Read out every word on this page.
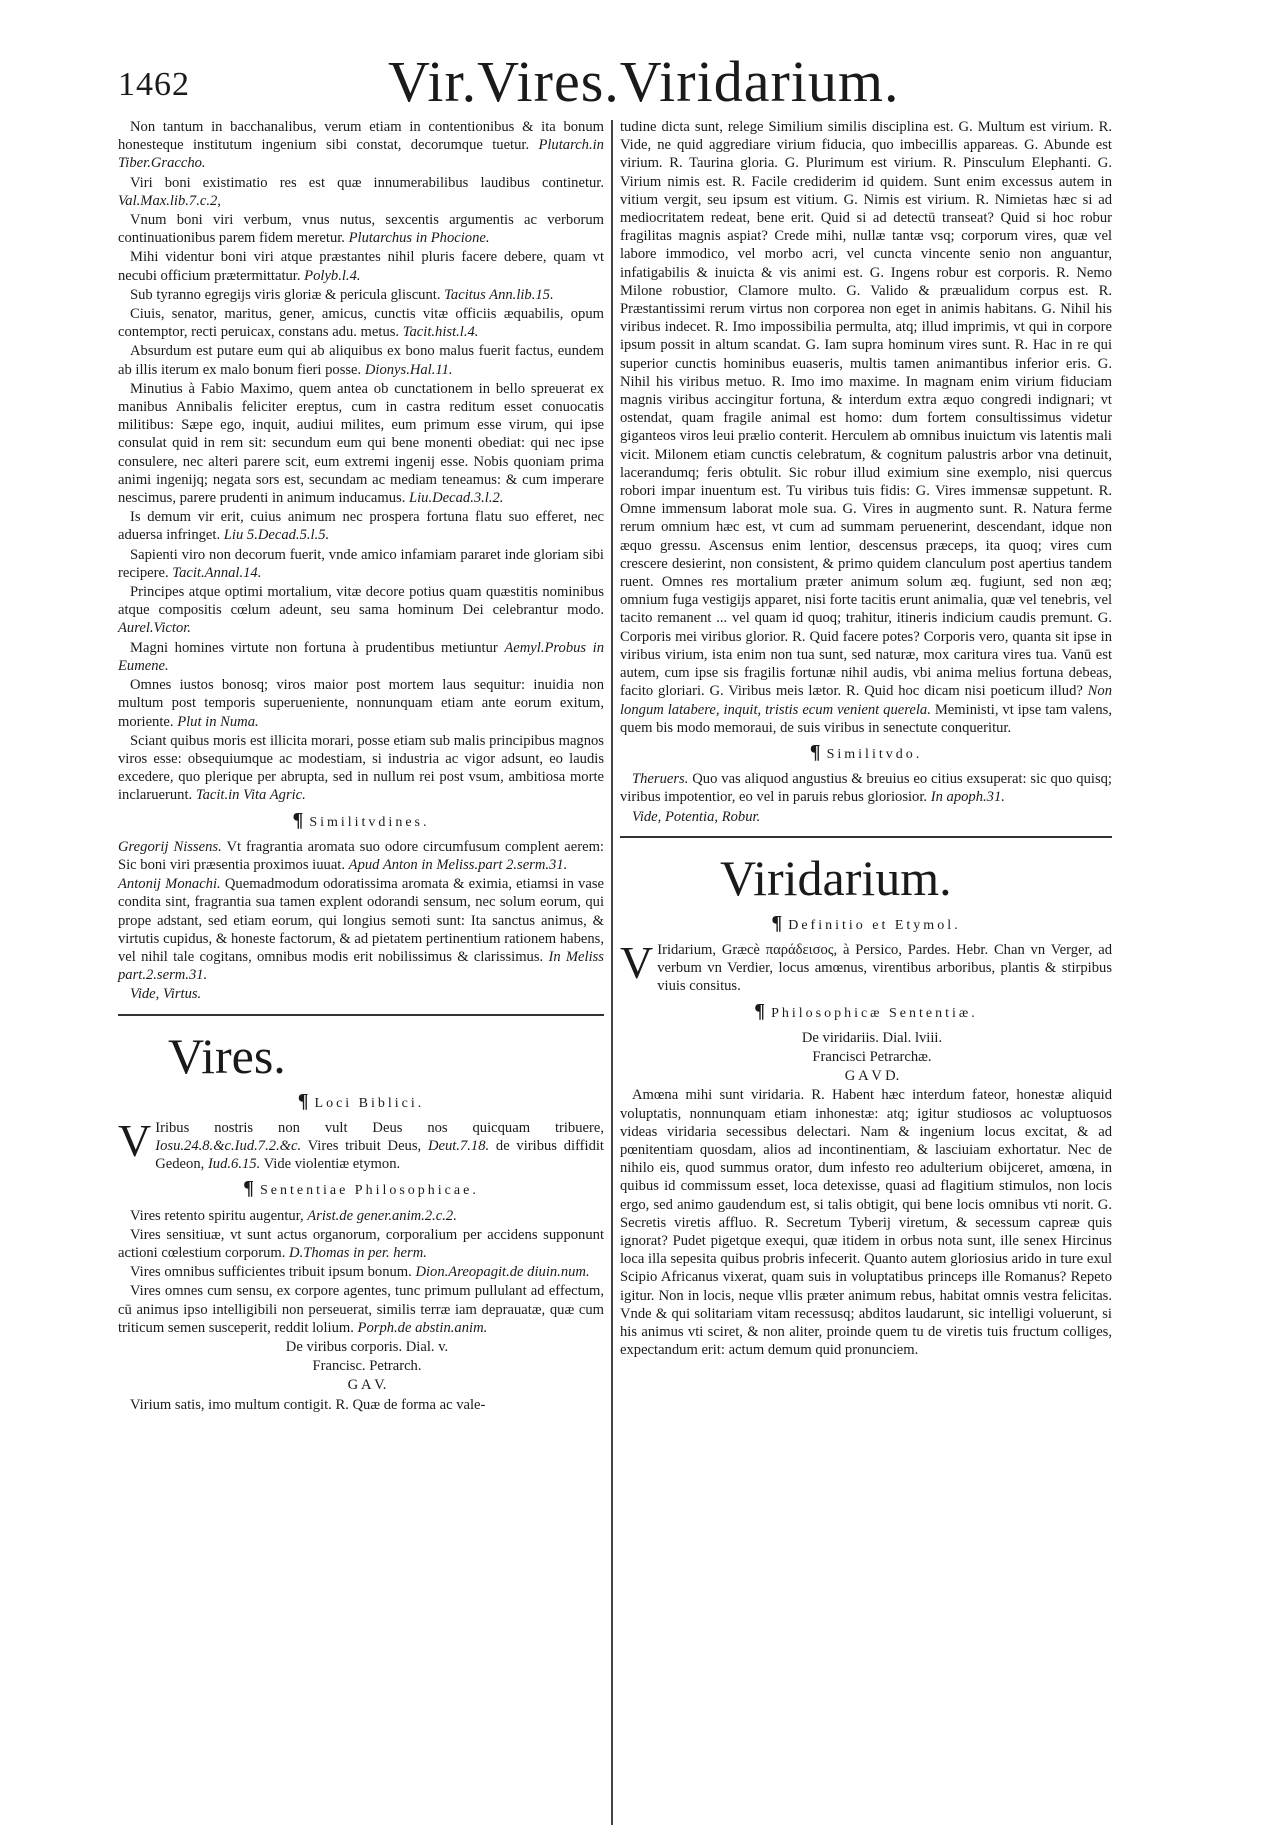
1462	Vir.Vires.Viridarium.

Non tantum in bacchanalibus, verum etiam in contentionibus & ita bonum honesteque institutum ingenium sibi constat, decorumque tuetur. Plutarch.in Tiber.Graccho.

Viri boni existimatio res est quæ innumerabilibus laudibus continetur. Val.Max.lib.7.c.2,

Vnum boni viri verbum, vnus nutus, sexcentis argumentis ac verborum continuationibus parem fidem meretur. Plutarchus in Phocione.

Mihi videntur boni viri atque præstantes nihil pluris facere debere, quam vt necubi officium prætermittatur. Polyb.l.4.

Sub tyranno egregijs viris gloriæ & pericula gliscunt. Tacitus Ann.lib.15.

Ciuis, senator, maritus, gener, amicus, cunctis vitæ officiis æquabilis, opum contemptor, recti peruicax, constans adu. metus. Tacit.hist.l.4.

Absurdum est putare eum qui ab aliquibus ex bono malus fuerit factus, eundem ab illis iterum ex malo bonum fieri posse. Dionys.Hal.11.

Minutius à Fabio Maximo, quem antea ob cunctationem in bello spreuerat ex manibus Annibalis feliciter ereptus, cum in castra reditum esset conuocatis militibus: Sæpe ego, inquit, audiui milites, eum primum esse virum, qui ipse consulat quid in rem sit: secundum eum qui bene monenti obediat: qui nec ipse consulere, nec alteri parere scit, eum extremi ingenij esse. Nobis quoniam prima animi ingenijq; negata sors est, secundam ac mediam teneamus: & cum imperare nescimus, parere prudenti in animum inducamus. Liu.Decad.3.l.2.

Is demum vir erit, cuius animum nec prospera fortuna flatu suo efferet, nec aduersa infringet. Liu 5.Decad.5.l.5.

Sapienti viro non decorum fuerit, vnde amico infamiam pararet inde gloriam sibi recipere. Tacit.Annal.14.

Principes atque optimi mortalium, vitæ decore potius quam quæstitis nominibus atque compositis cœlum adeunt, seu sama hominum Dei celebrantur modo. Aurel.Victor.

Magni homines virtute non fortuna à prudentibus metiuntur Aemyl.Probus in Eumene.

Omnes iustos bonosq; viros maior post mortem laus sequitur: inuidia non multum post temporis superueniente, nonnunquam etiam ante eorum exitum, moriente. Plut in Numa.

Sciant quibus moris est illicita morari, posse etiam sub malis principibus magnos viros esse: obsequiumque ac modestiam, si industria ac vigor adsunt, eo laudis excedere, quo plerique per abrupta, sed in nullum rei post vsum, ambitiosa morte inclaruerunt. Tacit.in Vita Agric.

¶ Similitvdines.

Gregorij Nissens. Vt fragrantia aromata suo odore circumfusum complent aerem: Sic boni viri præsentia proximos iuuat. Apud Anton in Meliss.part 2.serm.31.

Antonij Monachi. Quemadmodum odoratissima aromata & eximia, etiamsi in vase condita sint, fragrantia sua tamen explent odorandi sensum, nec solum eorum, qui prope adstant, sed etiam eorum, qui longius semoti sunt: Ita sanctus animus, & virtutis cupidus, & honeste factorum, & ad pietatem pertinentium rationem habens, vel nihil tale cogitans, omnibus modis erit nobilissimus & clarissimus. In Meliss part.2.serm.31.

Vide, Virtus.

Vires.
¶ Loci Biblici.

V Iribus nostris non vult Deus nos quicquam tribuere, Iosu.24.8.&c.Iud.7.2.&c. Vires tribuit Deus, Deut.7.18. de viribus diffidit Gedeon, Iud.6.15. Vide violentiæ etymon.

¶ Sententiae Philosophicae.

Vires retento spiritu augentur, Arist.de gener.anim.2.c.2.

Vires sensitiuæ, vt sunt actus organorum, corporalium per accidens supponunt actioni cœlestium corporum. D.Thomas in per. herm.

Vires omnibus sufficientes tribuit ipsum bonum. Dion.Areopagit.de diuin.num.

Vires omnes cum sensu, ex corpore agentes, tunc primum pullulant ad effectum, cū animus ipso intelligibili non perseuerat, similis terræ iam deprauatæ, quæ cum triticum semen susceperit, reddit lolium. Porph.de abstin.anim.

De viribus corporis. Dial. v.

Francisc. Petrarch.

G A V.

Virium satis, imo multum contigit. R. Quæ de forma ac vale-

tudine dicta sunt, relege Similium similis disciplina est. G. Multum est virium. R. Vide, ne quid aggrediare virium fiducia, quo imbecillis appareas. G. Abunde est virium. R. Taurina gloria. G. Plurimum est virium. R. Pinsculum Elephanti. G. Virium nimis est. R. Facile crediderim id quidem. Sunt enim excessus autem in vitium vergit, seu ipsum est vitium. G. Nimis est virium. R. Nimietas hæc si ad mediocritatem redeat, bene erit. Quid si ad detectū transeat? Quid si hoc robur fragilitas magnis aspiat? Crede mihi, nullæ tantæ vsq; corporum vires, quæ vel labore immodico, vel morbo acri, vel cuncta vincente senio non anguantur, infatigabilis & inuicta & vis animi est. G. Ingens robur est corporis. R. Nemo Milone robustior, Clamore multo. G. Valido & præualidum corpus est. R. Præstantissimi rerum virtus non corporea non eget in animis habitans. G. Nihil his viribus indecet. R. Imo impossibilia permulta, atq; illud imprimis, vt qui in corpore ipsum possit in altum scandat. G. Iam supra hominum vires sunt. R. Hac in re qui superior cunctis hominibus euaseris, multis tamen animantibus inferior eris. G. Nihil his viribus metuo. R. Imo imo maxime. In magnam enim virium fiduciam magnis viribus accingitur fortuna, & interdum extra æquo congredi indignari; vt ostendat, quam fragile animal est homo: dum fortem consultissimus videtur giganteos viros leui prælio conterit. Herculem ab omnibus inuictum vis latentis mali vicit. Milonem etiam cunctis celebratum, & cognitum palustris arbor vna detinuit, lacerandumq; feris obtulit. Sic robur illud eximium sine exemplo, nisi quercus robori impar inuentum est. Tu viribus tuis fidis: G. Vires immensæ suppetunt. R. Omne immensum laborat mole sua. G. Vires in augmento sunt. R. Natura ferme rerum omnium hæc est, vt cum ad summam peruenerint, descendant, idque non æquo gressu. Ascensus enim lentior, descensus præceps, ita quoq; vires cum crescere desierint, non consistent, & primo quidem clanculum post apertius tandem ruent. Omnes res mortalium præter animum solum æq. fugiunt, sed non æq; omnium fuga vestigijs apparet, nisi forte tacitis erunt animalia, quæ vel tenebris, vel tacito remanent ... vel quam id quoq; trahitur, itineris indicium caudis premunt. G. Corporis mei viribus glorior. R. Quid facere potes? Corporis vero, quanta sit ipse in viribus virium, ista enim non tua sunt, sed naturæ, mox caritura vires tua. Vanū est autem, cum ipse sis fragilis fortunæ nihil audis, vbi anima melius fortuna debeas, facito gloriari. G. Viribus meis lætor. R. Quid hoc dicam nisi poeticum illud? Non longum latabere, inquit, tristis ecum venient querela. Meministi, vt ipse tam valens, quem bis modo memoraui, de suis viribus in senectute conqueritur.

¶ Similitvdo.

Theruers. Quo vas aliquod angustius & breuius eo citius exsuperat: sic quo quisq; viribus impotentior, eo vel in paruis rebus gloriosior. In apoph.31.

Vide, Potentia, Robur.

Viridarium.
¶ Definitio et Etymol.

V Iridarium, Græcè παράδεισος, à Persico, Pardes. Hebr. Chan vn Verger, ad verbum vn Verdier, locus amœnus, virentibus arboribus, plantis & stirpibus viuis consitus.

¶ Philosophicæ Sententiæ.

De viridariis. Dial. lviii.

Francisci Petrarchæ.

G A V D.

Amœna mihi sunt viridaria. R. Habent hæc interdum fateor, honestæ aliquid voluptatis, nonnunquam etiam inhonestæ: atq; igitur studiosos ac voluptuosos videas viridaria secessibus delectari. Nam & ingenium locus excitat, & ad pœnitentiam quosdam, alios ad incontinentiam, & lasciuiam exhortatur. Nec de nihilo eis, quod summus orator, dum infesto reo adulterium obijceret, amœna, in quibus id commissum esset, loca detexisse, quasi ad flagitium stimulos, non locis ergo, sed animo gaudendum est, si talis obtigit, qui bene locis omnibus vti norit. G. Secretis viretis affluo. R. Secretum Tyberij viretum, & secessum capreæ quis ignorat? Pudet pigetque exequi, quæ itidem in orbus nota sunt, ille senex Hircinus loca illa sepesita quibus probris infecerit. Quanto autem gloriosius arido in ture exul Scipio Africanus vixerat, quam suis in voluptatibus princeps ille Romanus? Repeto igitur. Non in locis, neque vllis præter animum rebus, habitat omnis vestra felicitas. Vnde & qui solitariam vitam recessusq; abditos laudarunt, sic intelligi voluerunt, si his animus vti sciret, & non aliter, proinde quem tu de viretis tuis fructum colliges, expectandum erit: actum demum quid pronunciem.
